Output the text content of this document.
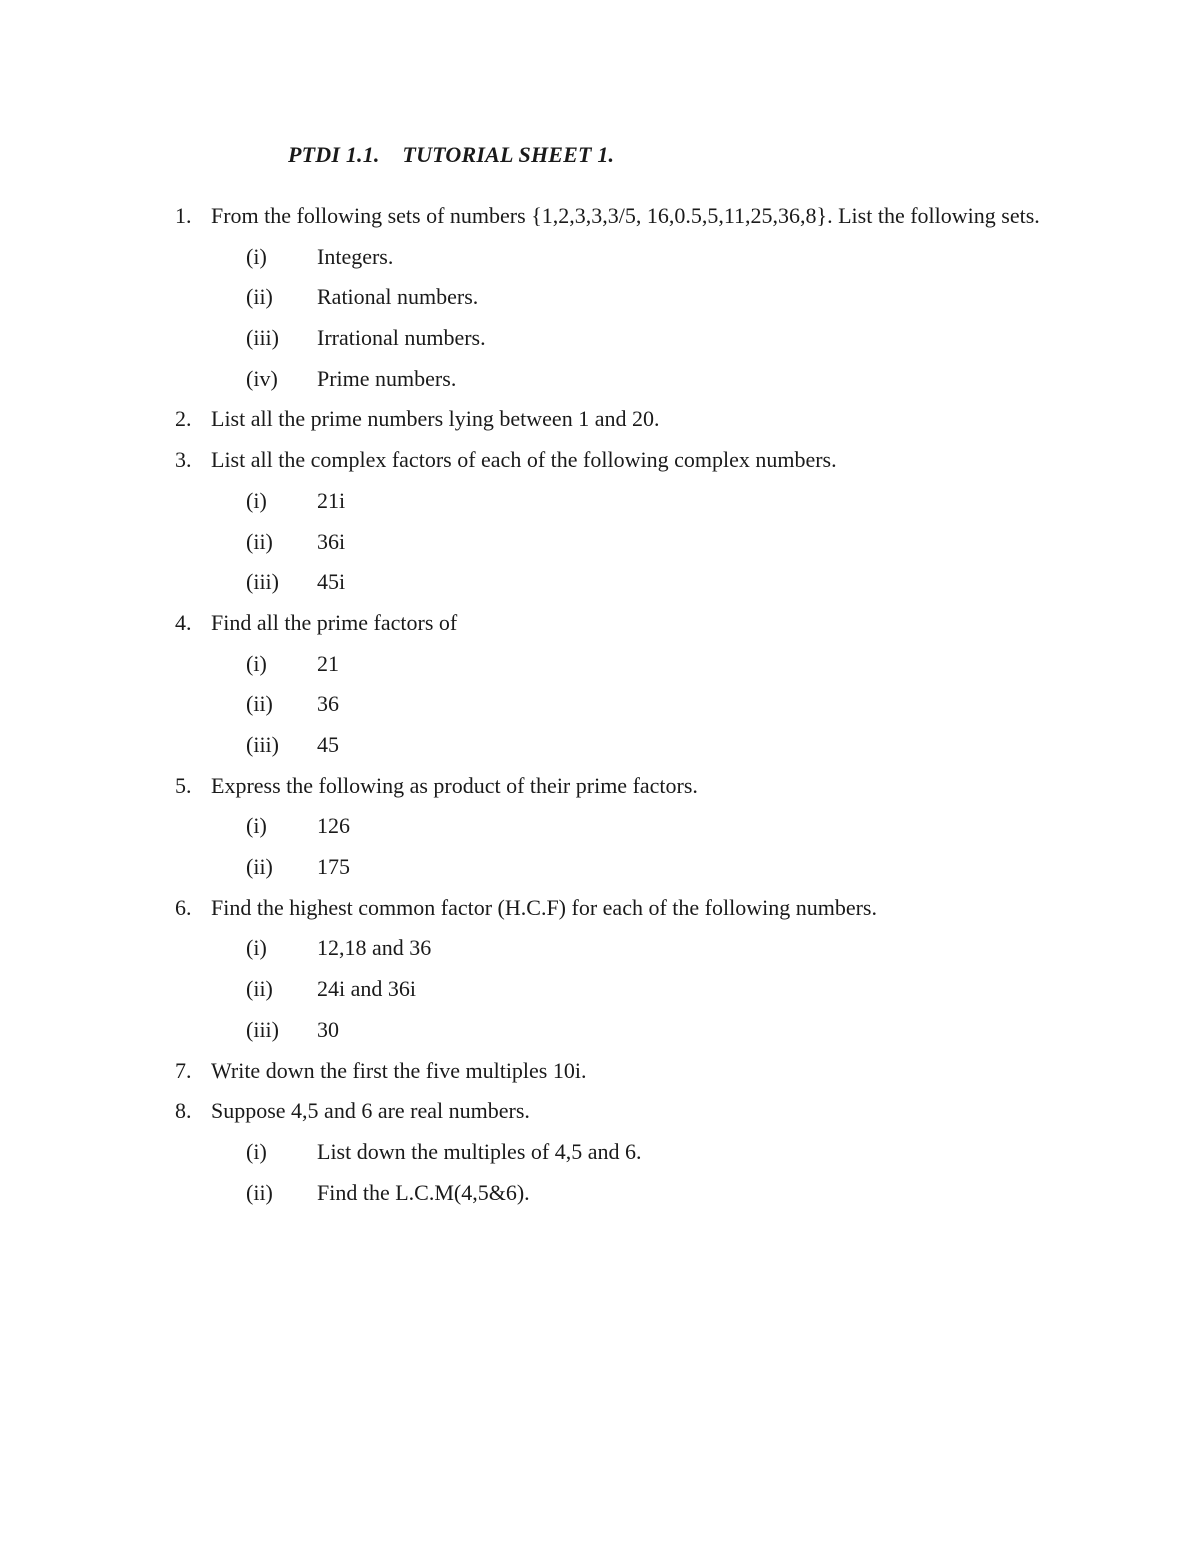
PTDI 1.1.    TUTORIAL SHEET 1.
1. From the following sets of numbers {1,2,3,3,3/5, 16,0.5,5,11,25,36,8}. List the following sets.
(i) Integers.
(ii) Rational numbers.
(iii) Irrational numbers.
(iv) Prime numbers.
2. List all the prime numbers lying between 1 and 20.
3. List all the complex factors of each of the following complex numbers.
(i) 21i
(ii) 36i
(iii) 45i
4. Find all the prime factors of
(i) 21
(ii) 36
(iii) 45
5. Express the following as product of their prime factors.
(i) 126
(ii) 175
6. Find the highest common factor (H.C.F) for each of the following numbers.
(i) 12,18 and 36
(ii) 24i and 36i
(iii) 30
7. Write down the first the five multiples 10i.
8. Suppose 4,5 and 6 are real numbers.
(i) List down the multiples of 4,5 and 6.
(ii) Find the L.C.M(4,5&6).
